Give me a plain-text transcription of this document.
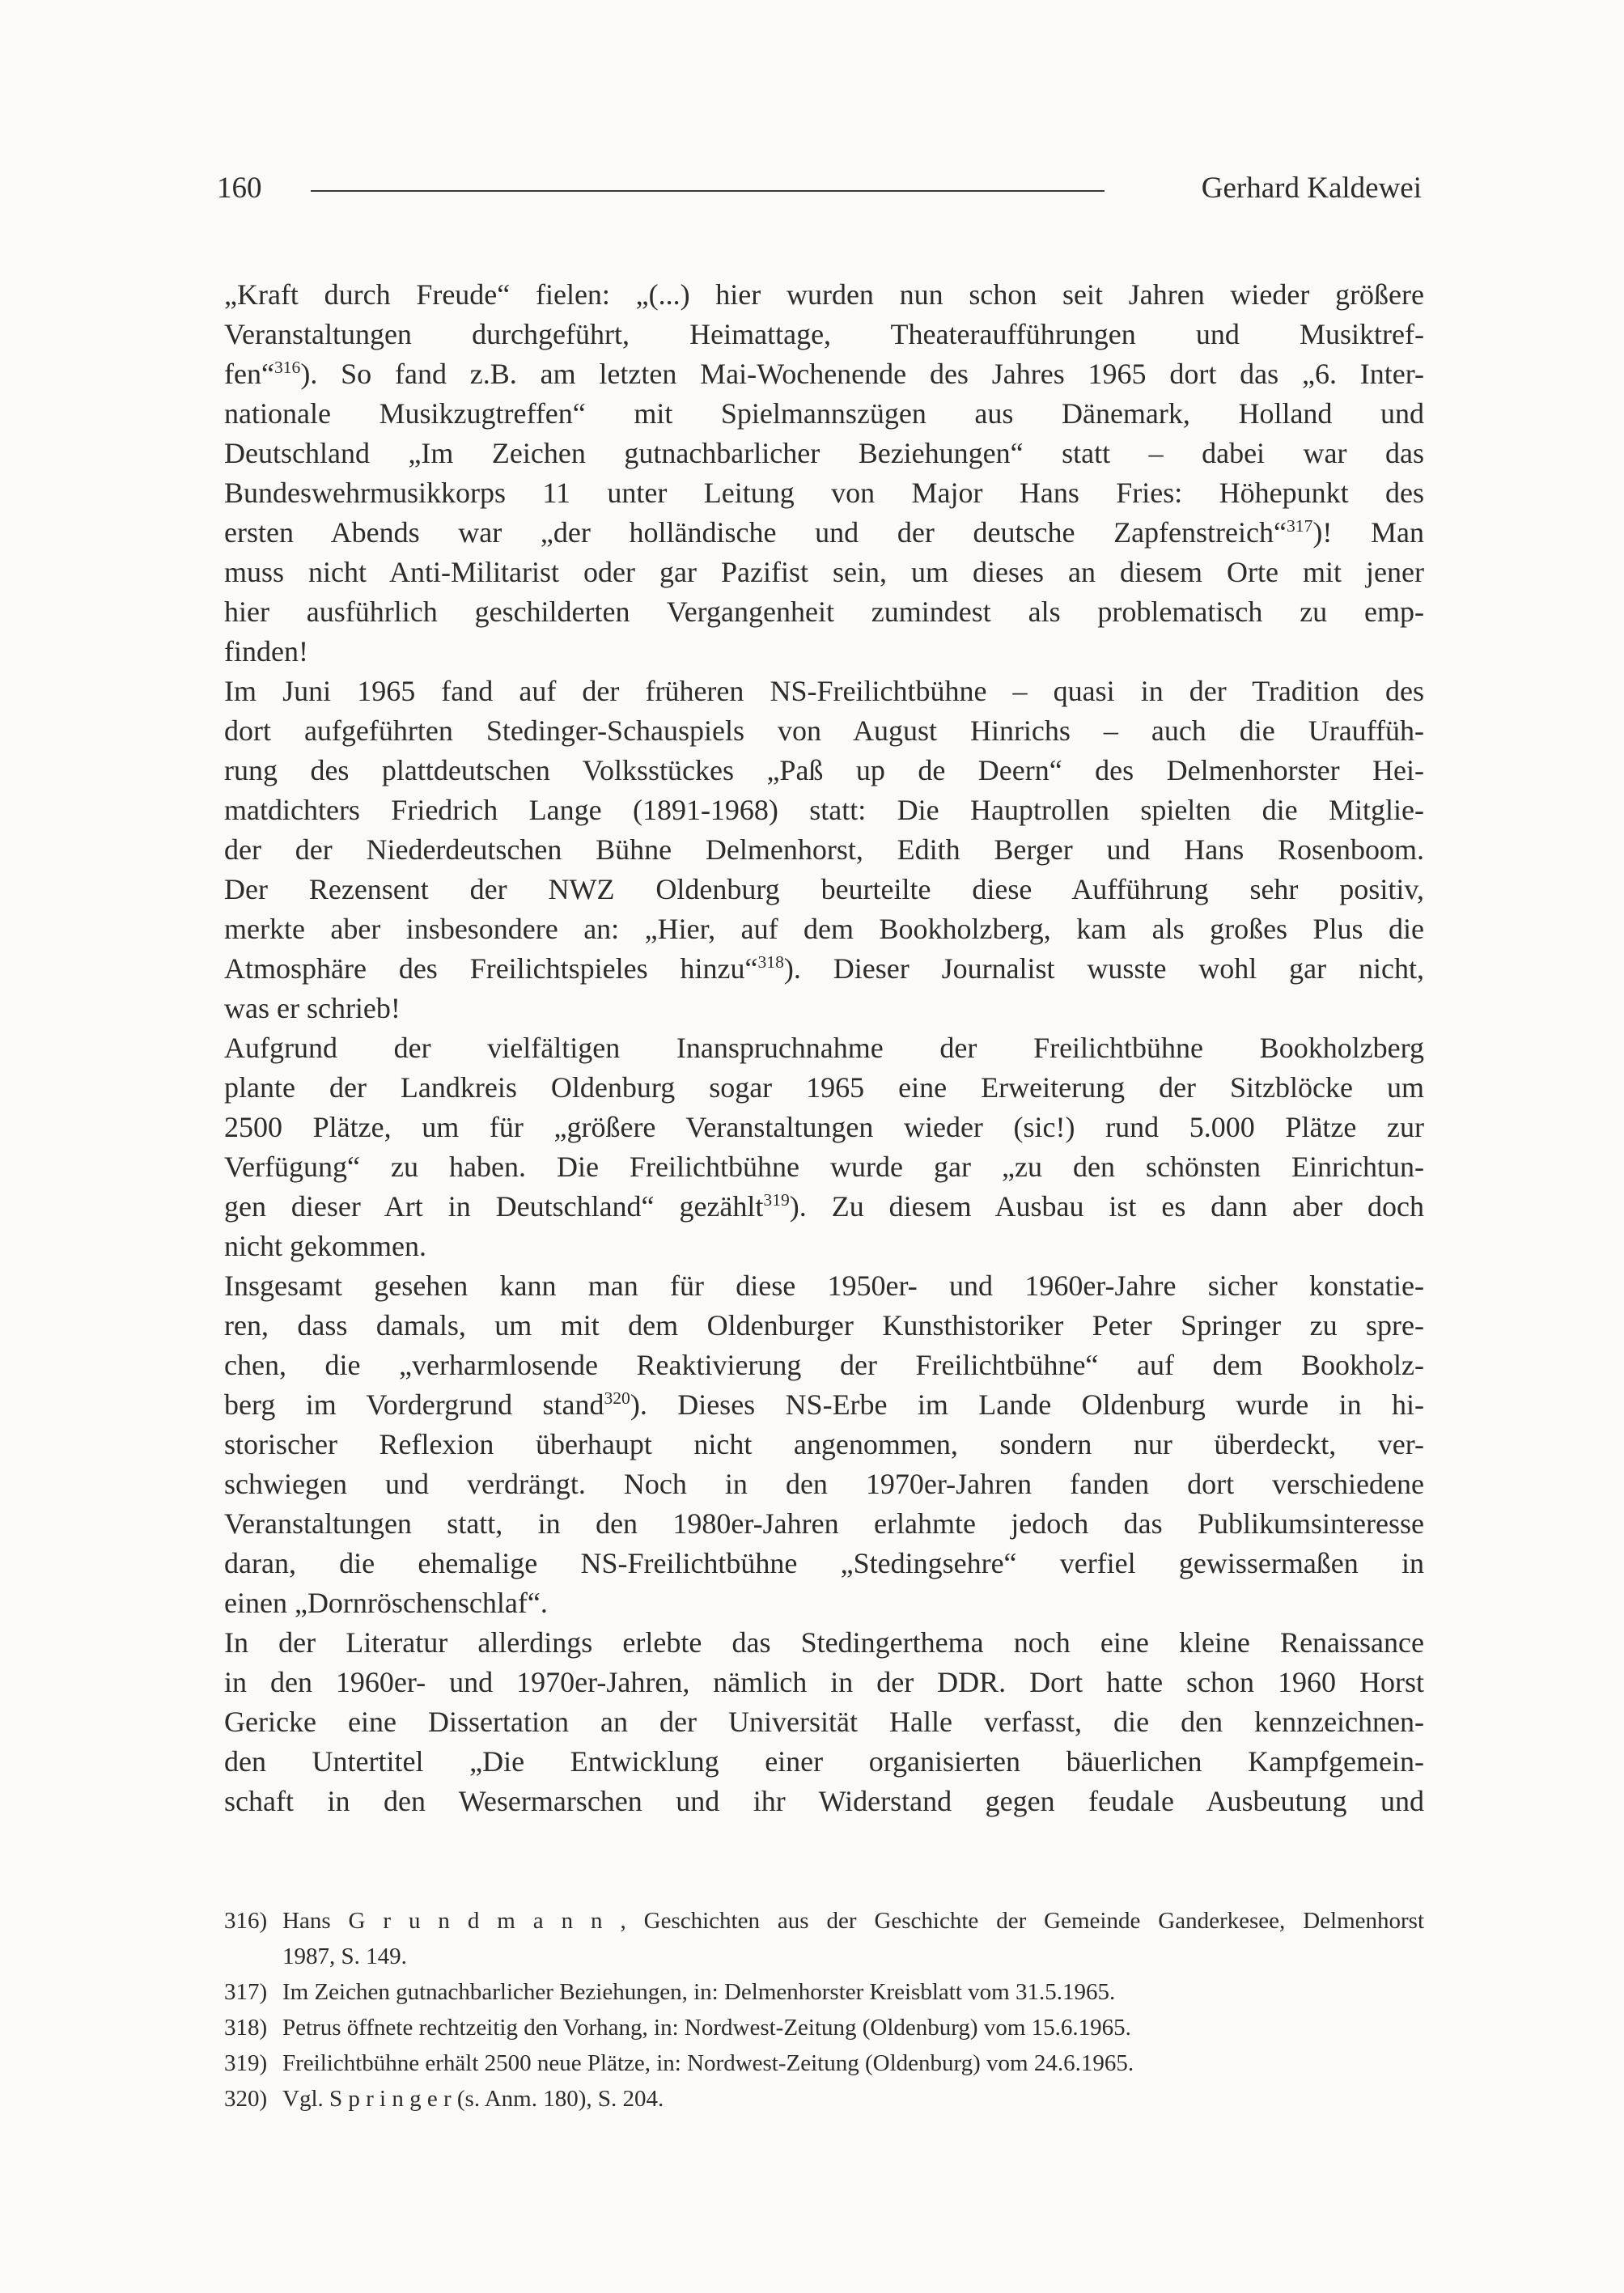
160	Gerhard Kaldewei
„Kraft durch Freude“ fielen: „(...) hier wurden nun schon seit Jahren wieder größere
Veranstaltungen durchgeführt, Heimattage, Theateraufführungen und Musiktref-
fen“$^{316}$). So fand z.B. am letzten Mai-Wochenende des Jahres 1965 dort das „6. Inter-
nationale Musikzugtreffen“ mit Spielmannszügen aus Dänemark, Holland und
Deutschland „Im Zeichen gutnachbarlicher Beziehungen“ statt – dabei war das
Bundeswehrmusikkorps 11 unter Leitung von Major Hans Fries: Höhepunkt des
ersten Abends war „der holländische und der deutsche Zapfenstreich“$^{317}$)! Man
muss nicht Anti-Militarist oder gar Pazifist sein, um dieses an diesem Orte mit jener
hier ausführlich geschilderten Vergangenheit zumindest als problematisch zu emp-
finden!
Im Juni 1965 fand auf der früheren NS-Freilichtbühne – quasi in der Tradition des
dort aufgeführten Stedinger-Schauspiels von August Hinrichs – auch die Urauffüh-
rung des plattdeutschen Volksstückes „Paß up de Deern“ des Delmenhorster Hei-
matdichters Friedrich Lange (1891-1968) statt: Die Hauptrollen spielten die Mitglie-
der der Niederdeutschen Bühne Delmenhorst, Edith Berger und Hans Rosenboom.
Der Rezensent der NWZ Oldenburg beurteilte diese Aufführung sehr positiv,
merkte aber insbesondere an: „Hier, auf dem Bookholzberg, kam als großes Plus die
Atmosphäre des Freilichtspieles hinzu“$^{318}$). Dieser Journalist wusste wohl gar nicht,
was er schrieb!
Aufgrund der vielfältigen Inanspruchnahme der Freilichtbühne Bookholzberg
plante der Landkreis Oldenburg sogar 1965 eine Erweiterung der Sitzblöcke um
2500 Plätze, um für „größere Veranstaltungen wieder (sic!) rund 5.000 Plätze zur
Verfügung“ zu haben. Die Freilichtbühne wurde gar „zu den schönsten Einrichtun-
gen dieser Art in Deutschland“ gezählt$^{319}$). Zu diesem Ausbau ist es dann aber doch
nicht gekommen.
Insgesamt gesehen kann man für diese 1950er- und 1960er-Jahre sicher konstatie-
ren, dass damals, um mit dem Oldenburger Kunsthistoriker Peter Springer zu spre-
chen, die „verharmlosende Reaktivierung der Freilichtbühne“ auf dem Bookholz-
berg im Vordergrund stand$^{320}$). Dieses NS-Erbe im Lande Oldenburg wurde in hi-
storischer Reflexion überhaupt nicht angenommen, sondern nur überdeckt, ver-
schwiegen und verdrängt. Noch in den 1970er-Jahren fanden dort verschiedene
Veranstaltungen statt, in den 1980er-Jahren erlahmte jedoch das Publikumsinteresse
daran, die ehemalige NS-Freilichtbühne „Stedingsehre“ verfiel gewissermaßen in
einen „Dornröschenschlaf“.
In der Literatur allerdings erlebte das Stedingerthema noch eine kleine Renaissance
in den 1960er- und 1970er-Jahren, nämlich in der DDR. Dort hatte schon 1960 Horst
Gericke eine Dissertation an der Universität Halle verfasst, die den kennzeichnen-
den Untertitel „Die Entwicklung einer organisierten bäuerlichen Kampfgemein-
schaft in den Wesermarschen und ihr Widerstand gegen feudale Ausbeutung und
316) Hans G r u n d m a n n , Geschichten aus der Geschichte der Gemeinde Ganderkesee, Delmenhorst
1987, S. 149.
317) Im Zeichen gutnachbarlicher Beziehungen, in: Delmenhorster Kreisblatt vom 31.5.1965.
318) Petrus öffnete rechtzeitig den Vorhang, in: Nordwest-Zeitung (Oldenburg) vom 15.6.1965.
319) Freilichtbühne erhält 2500 neue Plätze, in: Nordwest-Zeitung (Oldenburg) vom 24.6.1965.
320) Vgl. S p r i n g e r (s. Anm. 180), S. 204.
